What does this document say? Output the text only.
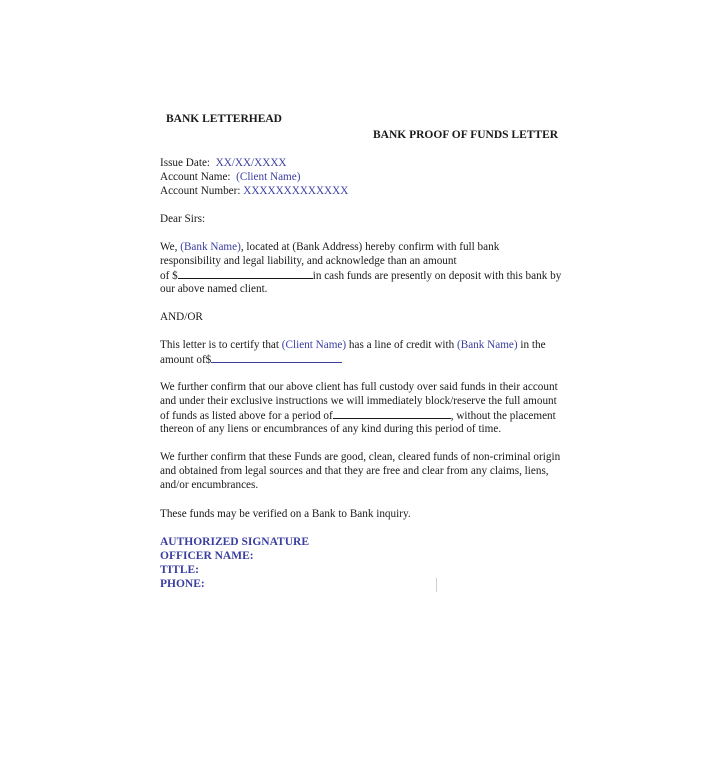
BANK LETTERHEAD
BANK PROOF OF FUNDS LETTER
Issue Date: XX/XX/XXXX
Account Name: (Client Name)
Account Number: XXXXXXXXXXXXX
Dear Sirs:
We, (Bank Name), located at (Bank Address) hereby confirm with full bank
responsibility and legal liability, and acknowledge than an amount
of $	in cash funds are presently on deposit with this bank by
our above named client.
AND/OR
This letter is to certify that (Client Name) has a line of credit with (Bank Name) in the
amount of$
We further confirm that our above client has full custody over said funds in their account
and under their exclusive instructions we will immediately block/reserve the full amount
of funds as listed above for a period of	, without the placement
thereon of any liens or encumbrances of any kind during this period of time.
We further confirm that these Funds are good, clean, cleared funds of non-criminal origin
and obtained from legal sources and that they are free and clear from any claims, liens,
and/or encumbrances.
These funds may be verified on a Bank to Bank inquiry.
AUTHORIZED SIGNATURE
OFFICER NAME:
TITLE:
PHONE:
